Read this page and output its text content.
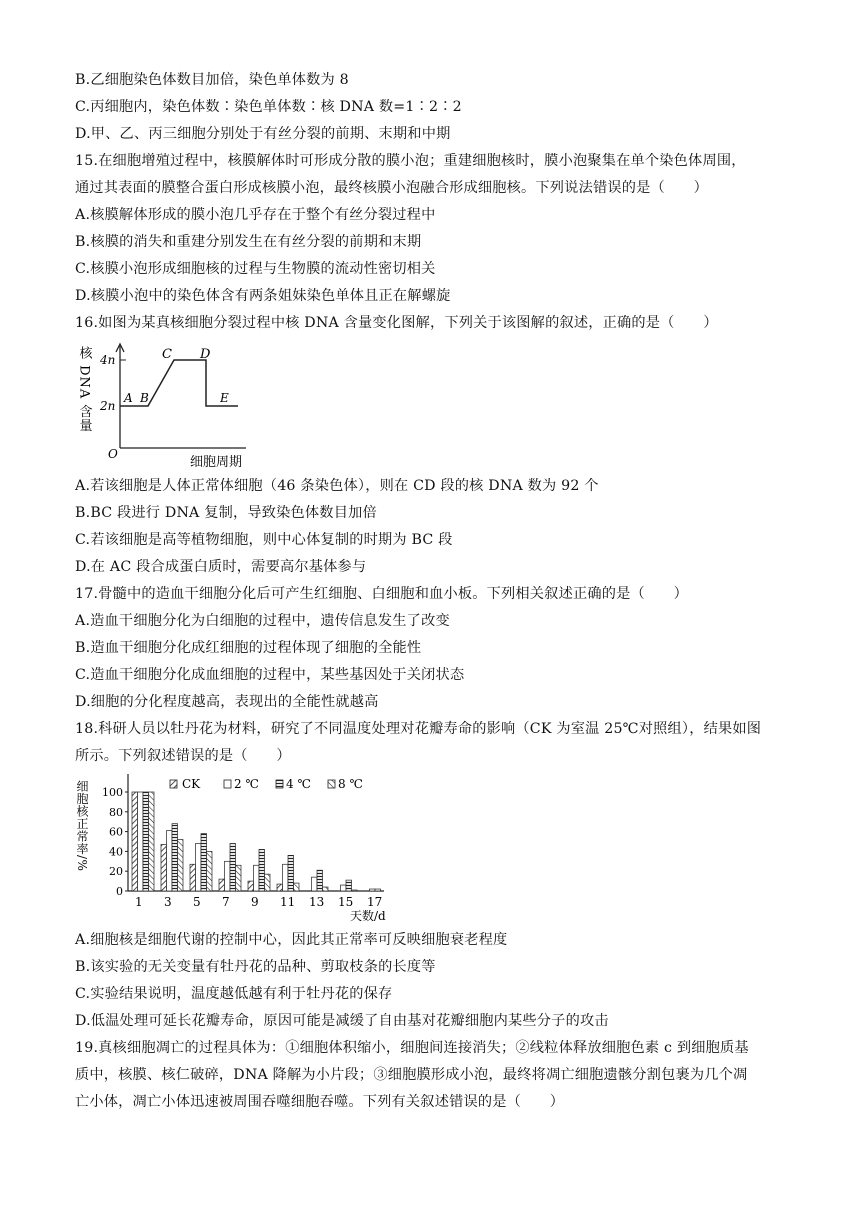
B.乙细胞染色体数目加倍，染色单体数为 8
C.丙细胞内，染色体数∶染色单体数∶核 DNA 数=1∶2∶2
D.甲、乙、丙三细胞分别处于有丝分裂的前期、末期和中期
15.在细胞增殖过程中，核膜解体时可形成分散的膜小泡；重建细胞核时，膜小泡聚集在单个染色体周围，
通过其表面的膜整合蛋白形成核膜小泡，最终核膜小泡融合形成细胞核。下列说法错误的是（　　）
A.核膜解体形成的膜小泡几乎存在于整个有丝分裂过程中
B.核膜的消失和重建分别发生在有丝分裂的前期和末期
C.核膜小泡形成细胞核的过程与生物膜的流动性密切相关
D.核膜小泡中的染色体含有两条姐妹染色单体且正在解螺旋
16.如图为某真核细胞分裂过程中核 DNA 含量变化图解，下列关于该图解的叙述，正确的是（　　）
核 DNA 含量 4n
2n
A B
C D
E
O
细胞周期
A.若该细胞是人体正常体细胞（46 条染色体），则在 CD 段的核 DNA 数为 92 个
B.BC 段进行 DNA 复制，导致染色体数目加倍
C.若该细胞是高等植物细胞，则中心体复制的时期为 BC 段
D.在 AC 段合成蛋白质时，需要高尔基体参与
17.骨髓中的造血干细胞分化后可产生红细胞、白细胞和血小板。下列相关叙述正确的是（　　）
A.造血干细胞分化为白细胞的过程中，遗传信息发生了改变
B.造血干细胞分化成红细胞的过程体现了细胞的全能性
C.造血干细胞分化成血细胞的过程中，某些基因处于关闭状态
D.细胞的分化程度越高，表现出的全能性就越高
18.科研人员以牡丹花为材料，研究了不同温度处理对花瓣寿命的影响（CK 为室温 25℃对照组），结果如图
所示。下列叙述错误的是（　　）
0
20
40
60
80
100
1 3 5 7 9 11 13 15 17
细胞核正常率/%
天数/d
CK	2 ℃ 4 ℃ 8 ℃
A.细胞核是细胞代谢的控制中心，因此其正常率可反映细胞衰老程度
B.该实验的无关变量有牡丹花的品种、剪取枝条的长度等
C.实验结果说明，温度越低越有利于牡丹花的保存
D.低温处理可延长花瓣寿命，原因可能是减缓了自由基对花瓣细胞内某些分子的攻击
19.真核细胞凋亡的过程具体为：①细胞体积缩小，细胞间连接消失；②线粒体释放细胞色素 c 到细胞质基
质中，核膜、核仁破碎，DNA 降解为小片段；③细胞膜形成小泡，最终将凋亡细胞遗骸分割包裹为几个凋
亡小体，凋亡小体迅速被周围吞噬细胞吞噬。下列有关叙述错误的是（　　）
